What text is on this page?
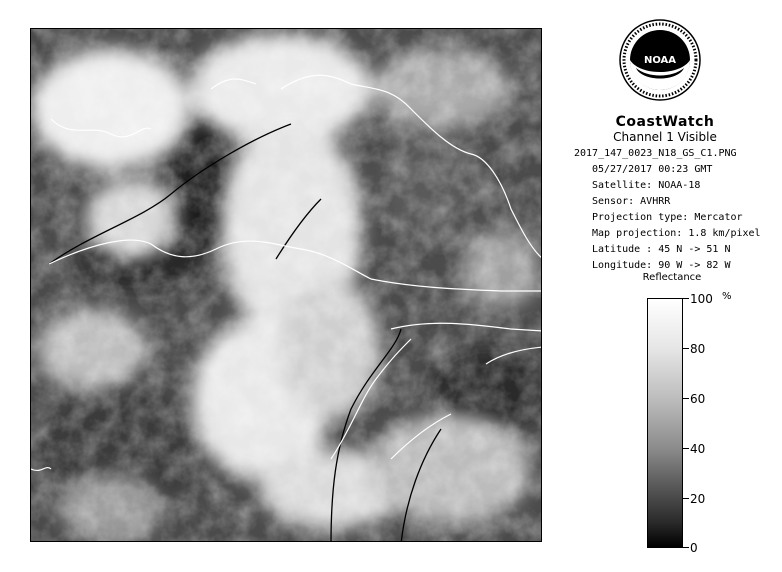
NOAA
CoastWatch
Channel 1 Visible
2017_147_0023_N18_GS_C1.PNG
05/27/2017 00:23 GMT
Satellite: NOAA-18
Sensor: AVHRR
Projection type: Mercator
Map projection: 1.8 km/pixel
Latitude : 45 N -> 51 N
Longitude: 90 W -> 82 W
Reflectance
%
100
80
60
40
20
0
